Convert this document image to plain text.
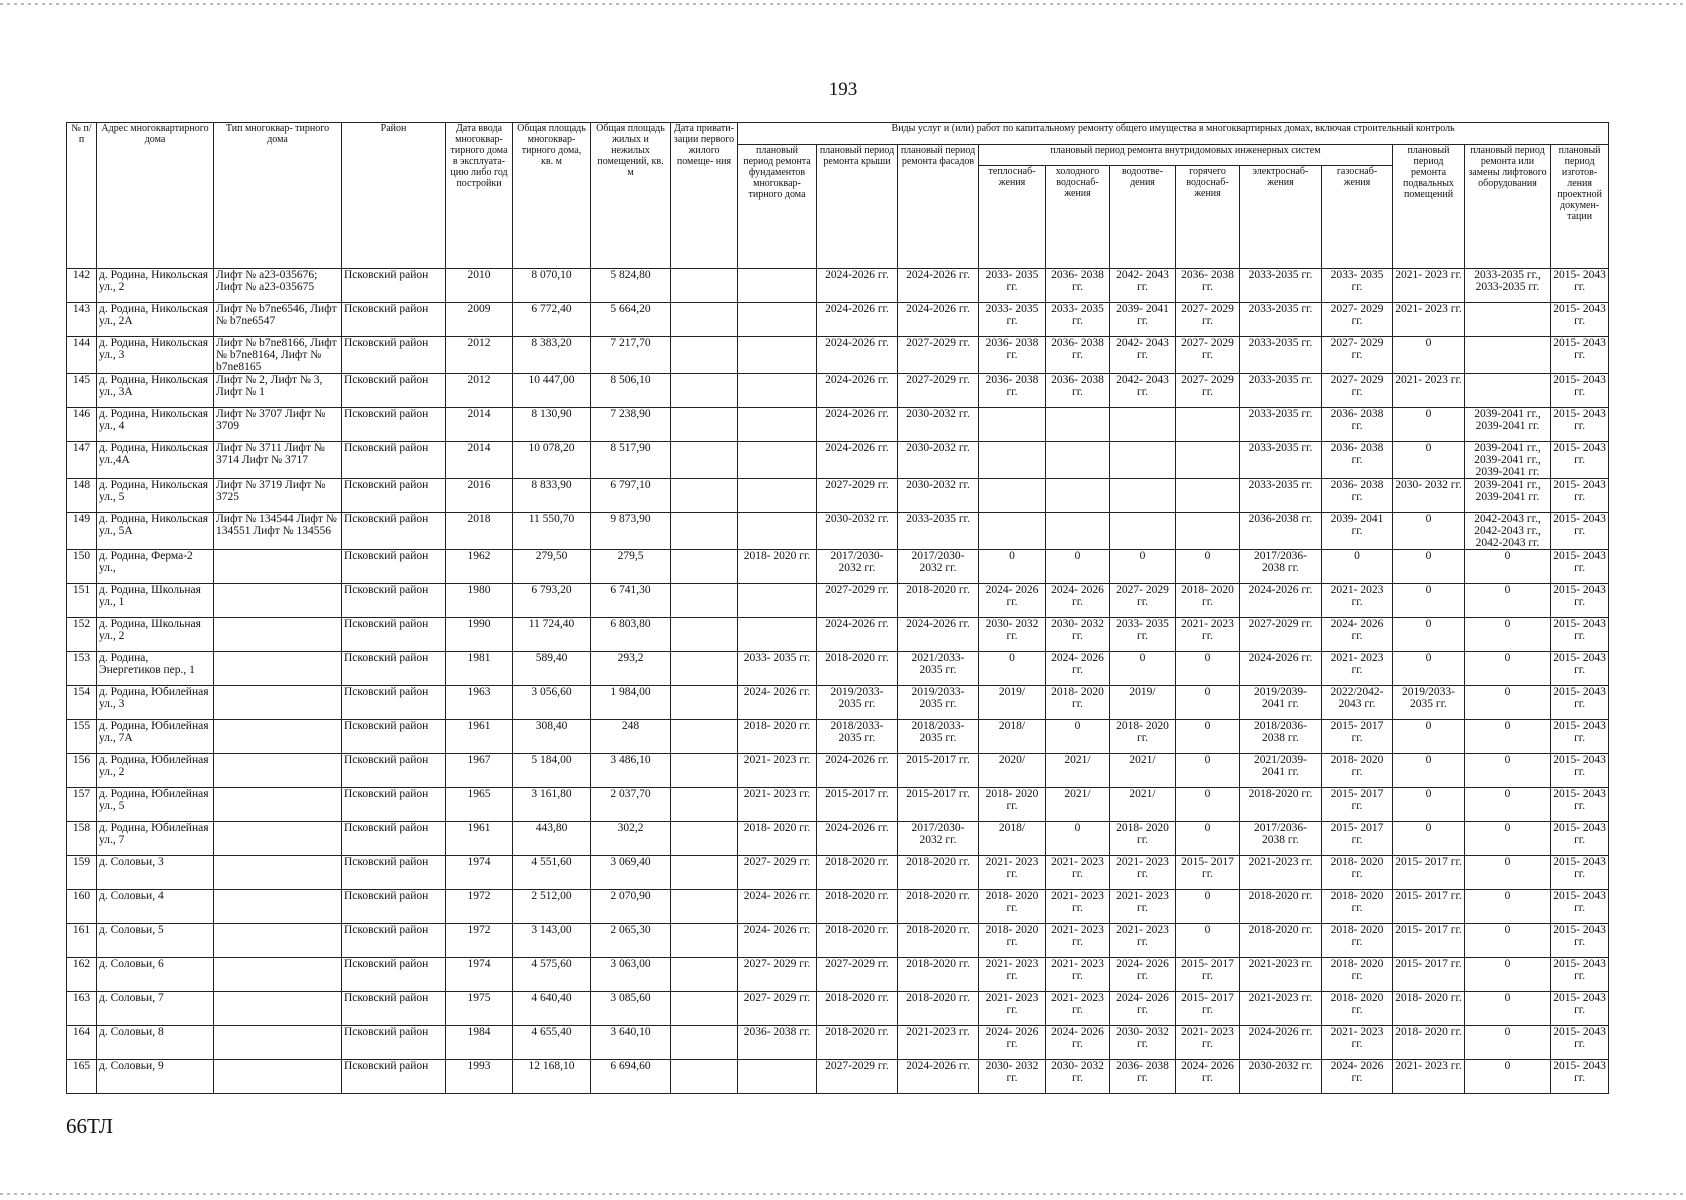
193
№ п/п	Адрес многоквартирного дома	Тип многоквар- тирного дома	Район	Дата ввода многоквар- тирного дома в эксплуата- цию либо год постройки	Общая площадь многоквар- тирного дома, кв. м	Общая площадь жилых и нежилых помещений, кв. м	Дата привати- зации первого жилого помеще- ния	Виды услуг и (или) работ по капитальному ремонту общего имущества в многоквартирных домах, включая строительный контроль											
								плановый период ремонта фундаментов многоквар- тирного дома	плановый период ремонта крыши	плановый период ремонта фасадов	плановый период ремонта внутридомовых инженерных систем						плановый период ремонта подвальных помещений	плановый период ремонта или замены лифтового оборудования	плановый период изготов- ления проектной докумен- тации
											теплоснаб- жения	холодного водоснаб- жения	водоотве- дения	горячего водоснаб- жения	электроснаб- жения	газоснаб- жения			
142	д. Родина, Никольская ул., 2	Лифт № а23-035676; Лифт № а23-035675	Псковский район	2010	8 070,10	5 824,80			2024-2026 гг.	2024-2026 гг.	2033- 2035 гг.	2036- 2038 гг.	2042- 2043 гг.	2036- 2038 гг.	2033-2035 гг.	2033- 2035 гг.	2021- 2023 гг.	2033-2035 гг., 2033-2035 гг.	2015- 2043 гг.
143	д. Родина, Никольская ул., 2А	Лифт № b7ne6546, Лифт № b7ne6547	Псковский район	2009	6 772,40	5 664,20			2024-2026 гг.	2024-2026 гг.	2033- 2035 гг.	2033- 2035 гг.	2039- 2041 гг.	2027- 2029 гг.	2033-2035 гг.	2027- 2029 гг.	2021- 2023 гг.		2015- 2043 гг.
144	д. Родина, Никольская ул., 3	Лифт № b7ne8166, Лифт № b7ne8164, Лифт № b7ne8165	Псковский район	2012	8 383,20	7 217,70			2024-2026 гг.	2027-2029 гг.	2036- 2038 гг.	2036- 2038 гг.	2042- 2043 гг.	2027- 2029 гг.	2033-2035 гг.	2027- 2029 гг.	0		2015- 2043 гг.
145	д. Родина, Никольская ул., 3А	Лифт № 2, Лифт № 3, Лифт № 1	Псковский район	2012	10 447,00	8 506,10			2024-2026 гг.	2027-2029 гг.	2036- 2038 гг.	2036- 2038 гг.	2042- 2043 гг.	2027- 2029 гг.	2033-2035 гг.	2027- 2029 гг.	2021- 2023 гг.		2015- 2043 гг.
146	д. Родина, Никольская ул., 4	Лифт № 3707 Лифт № 3709	Псковский район	2014	8 130,90	7 238,90			2024-2026 гг.	2030-2032 гг.					2033-2035 гг.	2036- 2038 гг.	0	2039-2041 гг., 2039-2041 гг.	2015- 2043 гг.
147	д. Родина, Никольская ул.,4А	Лифт № 3711 Лифт № 3714 Лифт № 3717	Псковский район	2014	10 078,20	8 517,90			2024-2026 гг.	2030-2032 гг.					2033-2035 гг.	2036- 2038 гг.	0	2039-2041 гг., 2039-2041 гг., 2039-2041 гг.	2015- 2043 гг.
148	д. Родина, Никольская ул., 5	Лифт № 3719 Лифт № 3725	Псковский район	2016	8 833,90	6 797,10			2027-2029 гг.	2030-2032 гг.					2033-2035 гг.	2036- 2038 гг.	2030- 2032 гг.	2039-2041 гг., 2039-2041 гг.	2015- 2043 гг.
149	д. Родина, Никольская ул., 5А	Лифт № 134544 Лифт № 134551 Лифт № 134556	Псковский район	2018	11 550,70	9 873,90			2030-2032 гг.	2033-2035 гг.					2036-2038 гг.	2039- 2041 гг.	0	2042-2043 гг., 2042-2043 гг., 2042-2043 гг.	2015- 2043 гг.
150	д. Родина, Ферма-2 ул.,		Псковский район	1962	279,50	279,5		2018- 2020 гг.	2017/2030- 2032 гг.	2017/2030- 2032 гг.	0	0	0	0	2017/2036- 2038 гг.	0	0	0	2015- 2043 гг.
151	д. Родина, Школьная ул., 1		Псковский район	1980	6 793,20	6 741,30			2027-2029 гг.	2018-2020 гг.	2024- 2026 гг.	2024- 2026 гг.	2027- 2029 гг.	2018- 2020 гг.	2024-2026 гг.	2021- 2023 гг.	0	0	2015- 2043 гг.
152	д. Родина, Школьная ул., 2		Псковский район	1990	11 724,40	6 803,80			2024-2026 гг.	2024-2026 гг.	2030- 2032 гг.	2030- 2032 гг.	2033- 2035 гг.	2021- 2023 гг.	2027-2029 гг.	2024- 2026 гг.	0	0	2015- 2043 гг.
153	д. Родина, Энергетиков пер., 1		Псковский район	1981	589,40	293,2		2033- 2035 гг.	2018-2020 гг.	2021/2033- 2035 гг.	0	2024- 2026 гг.	0	0	2024-2026 гг.	2021- 2023 гг.	0	0	2015- 2043 гг.
154	д. Родина, Юбилейная ул., 3		Псковский район	1963	3 056,60	1 984,00		2024- 2026 гг.	2019/2033- 2035 гг.	2019/2033- 2035 гг.	2019/	2018- 2020 гг.	2019/	0	2019/2039- 2041 гг.	2022/2042- 2043 гг.	2019/2033- 2035 гг.	0	2015- 2043 гг.
155	д. Родина, Юбилейная ул., 7А		Псковский район	1961	308,40	248		2018- 2020 гг.	2018/2033- 2035 гг.	2018/2033- 2035 гг.	2018/	0	2018- 2020 гг.	0	2018/2036- 2038 гг.	2015- 2017 гг.	0	0	2015- 2043 гг.
156	д. Родина, Юбилейная ул., 2		Псковский район	1967	5 184,00	3 486,10		2021- 2023 гг.	2024-2026 гг.	2015-2017 гг.	2020/	2021/	2021/	0	2021/2039- 2041 гг.	2018- 2020 гг.	0	0	2015- 2043 гг.
157	д. Родина, Юбилейная ул., 5		Псковский район	1965	3 161,80	2 037,70		2021- 2023 гг.	2015-2017 гг.	2015-2017 гг.	2018- 2020 гг.	2021/	2021/	0	2018-2020 гг.	2015- 2017 гг.	0	0	2015- 2043 гг.
158	д. Родина, Юбилейная ул., 7		Псковский район	1961	443,80	302,2		2018- 2020 гг.	2024-2026 гг.	2017/2030- 2032 гг.	2018/	0	2018- 2020 гг.	0	2017/2036- 2038 гг.	2015- 2017 гг.	0	0	2015- 2043 гг.
159	д. Соловьи, 3		Псковский район	1974	4 551,60	3 069,40		2027- 2029 гг.	2018-2020 гг.	2018-2020 гг.	2021- 2023 гг.	2021- 2023 гг.	2021- 2023 гг.	2015- 2017 гг.	2021-2023 гг.	2018- 2020 гг.	2015- 2017 гг.	0	2015- 2043 гг.
160	д. Соловьи, 4		Псковский район	1972	2 512,00	2 070,90		2024- 2026 гг.	2018-2020 гг.	2018-2020 гг.	2018- 2020 гг.	2021- 2023 гг.	2021- 2023 гг.	0	2018-2020 гг.	2018- 2020 гг.	2015- 2017 гг.	0	2015- 2043 гг.
161	д. Соловьи, 5		Псковский район	1972	3 143,00	2 065,30		2024- 2026 гг.	2018-2020 гг.	2018-2020 гг.	2018- 2020 гг.	2021- 2023 гг.	2021- 2023 гг.	0	2018-2020 гг.	2018- 2020 гг.	2015- 2017 гг.	0	2015- 2043 гг.
162	д. Соловьи, 6		Псковский район	1974	4 575,60	3 063,00		2027- 2029 гг.	2027-2029 гг.	2018-2020 гг.	2021- 2023 гг.	2021- 2023 гг.	2024- 2026 гг.	2015- 2017 гг.	2021-2023 гг.	2018- 2020 гг.	2015- 2017 гг.	0	2015- 2043 гг.
163	д. Соловьи, 7		Псковский район	1975	4 640,40	3 085,60		2027- 2029 гг.	2018-2020 гг.	2018-2020 гг.	2021- 2023 гг.	2021- 2023 гг.	2024- 2026 гг.	2015- 2017 гг.	2021-2023 гг.	2018- 2020 гг.	2018- 2020 гг.	0	2015- 2043 гг.
164	д. Соловьи, 8		Псковский район	1984	4 655,40	3 640,10		2036- 2038 гг.	2018-2020 гг.	2021-2023 гг.	2024- 2026 гг.	2024- 2026 гг.	2030- 2032 гг.	2021- 2023 гг.	2024-2026 гг.	2021- 2023 гг.	2018- 2020 гг.	0	2015- 2043 гг.
165	д. Соловьи, 9		Псковский район	1993	12 168,10	6 694,60			2027-2029 гг.	2024-2026 гг.	2030- 2032 гг.	2030- 2032 гг.	2036- 2038 гг.	2024- 2026 гг.	2030-2032 гг.	2024- 2026 гг.	2021- 2023 гг.	0	2015- 2043 гг.
66ТЛ
